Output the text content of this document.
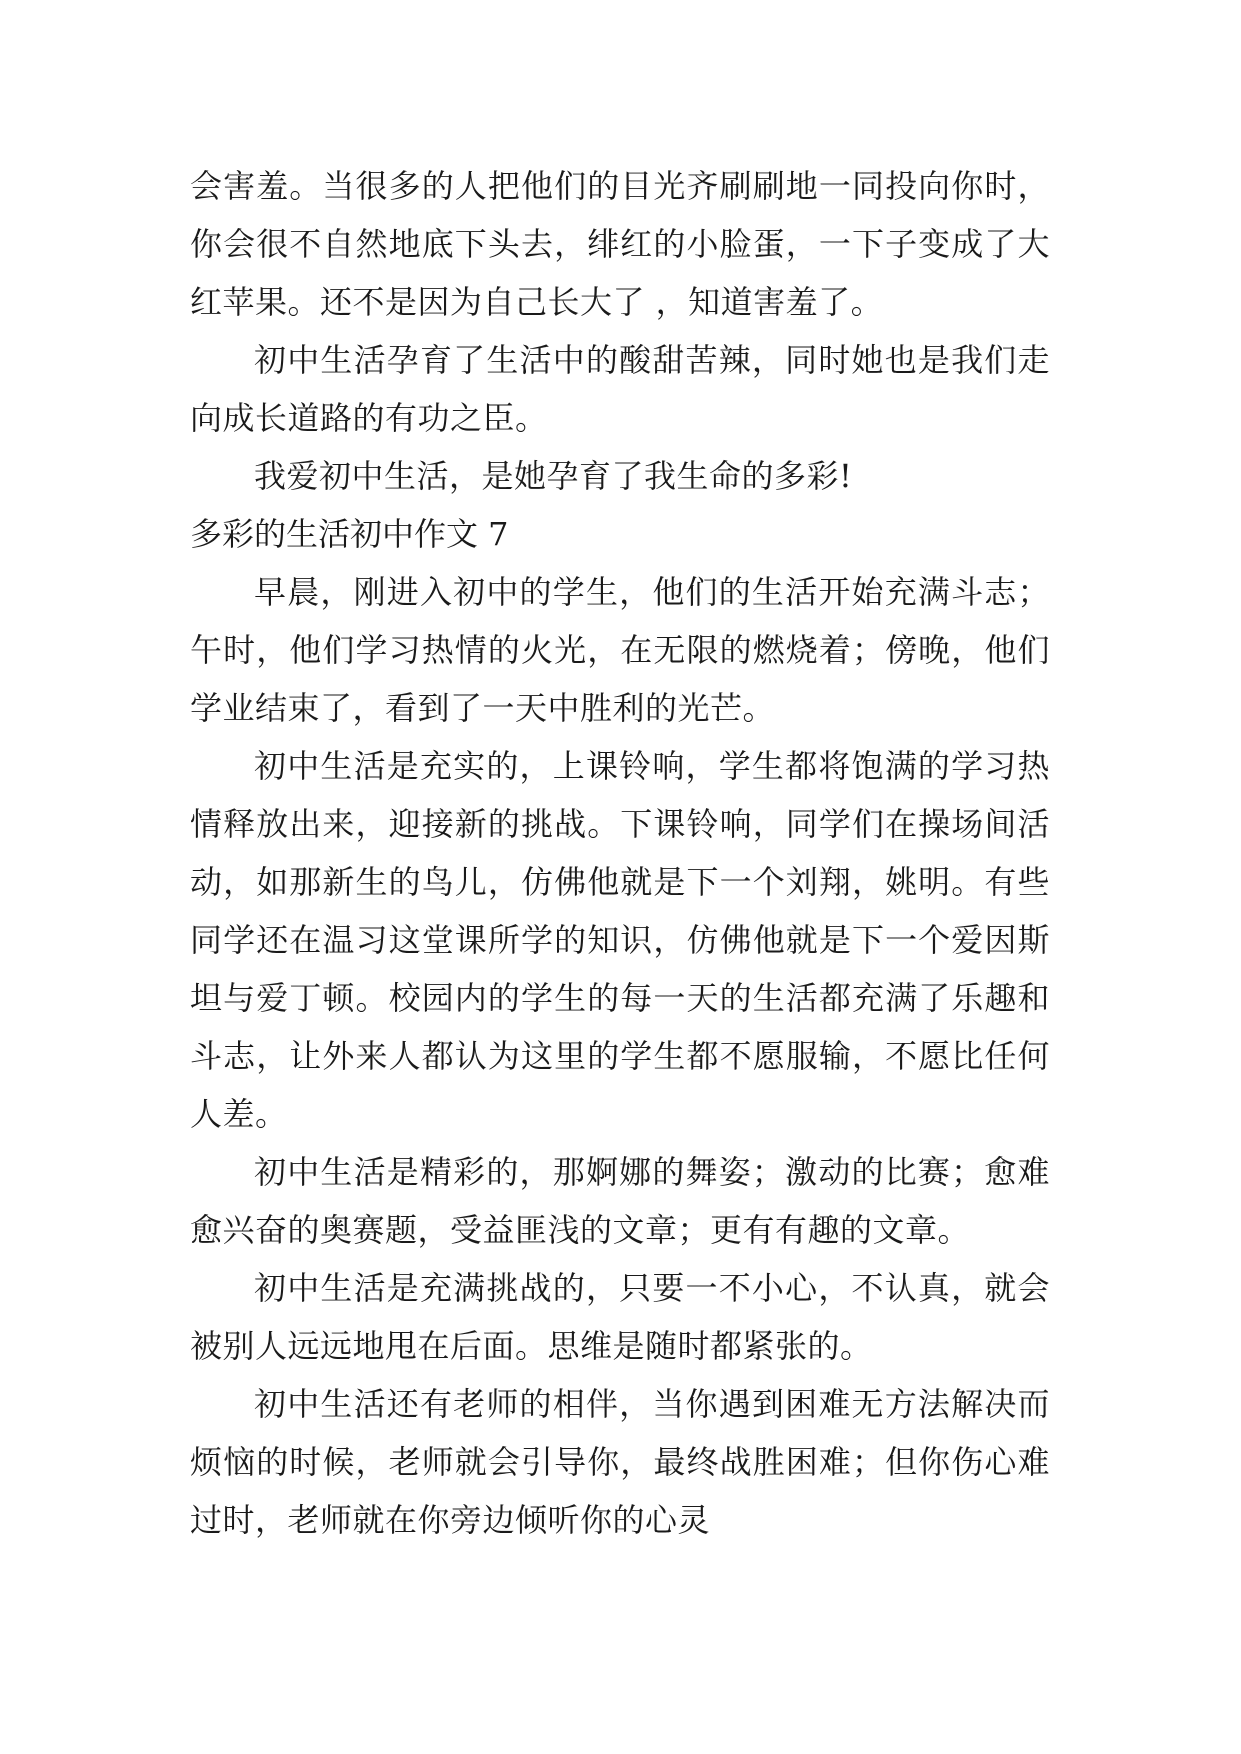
会害羞。当很多的人把他们的目光齐刷刷地一同投向你时，
你会很不自然地底下头去，绯红的小脸蛋，一下子变成了大
红苹果。还不是因为自己长大了 ，知道害羞了。
初中生活孕育了生活中的酸甜苦辣，同时她也是我们走
向成长道路的有功之臣。
我爱初中生活，是她孕育了我生命的多彩!
多彩的生活初中作文 7
早晨，刚进入初中的学生，他们的生活开始充满斗志；
午时，他们学习热情的火光，在无限的燃烧着；傍晚，他们
学业结束了，看到了一天中胜利的光芒。
初中生活是充实的，上课铃响，学生都将饱满的学习热
情释放出来，迎接新的挑战。下课铃响，同学们在操场间活
动，如那新生的鸟儿，仿佛他就是下一个刘翔，姚明。有些
同学还在温习这堂课所学的知识，仿佛他就是下一个爱因斯
坦与爱丁顿。校园内的学生的每一天的生活都充满了乐趣和
斗志，让外来人都认为这里的学生都不愿服输，不愿比任何
人差。
初中生活是精彩的，那婀娜的舞姿；激动的比赛；愈难
愈兴奋的奥赛题，受益匪浅的文章；更有有趣的文章。
初中生活是充满挑战的，只要一不小心，不认真，就会
被别人远远地甩在后面。思维是随时都紧张的。
初中生活还有老师的相伴，当你遇到困难无方法解决而
烦恼的时候，老师就会引导你，最终战胜困难；但你伤心难
过时，老师就在你旁边倾听你的心灵
